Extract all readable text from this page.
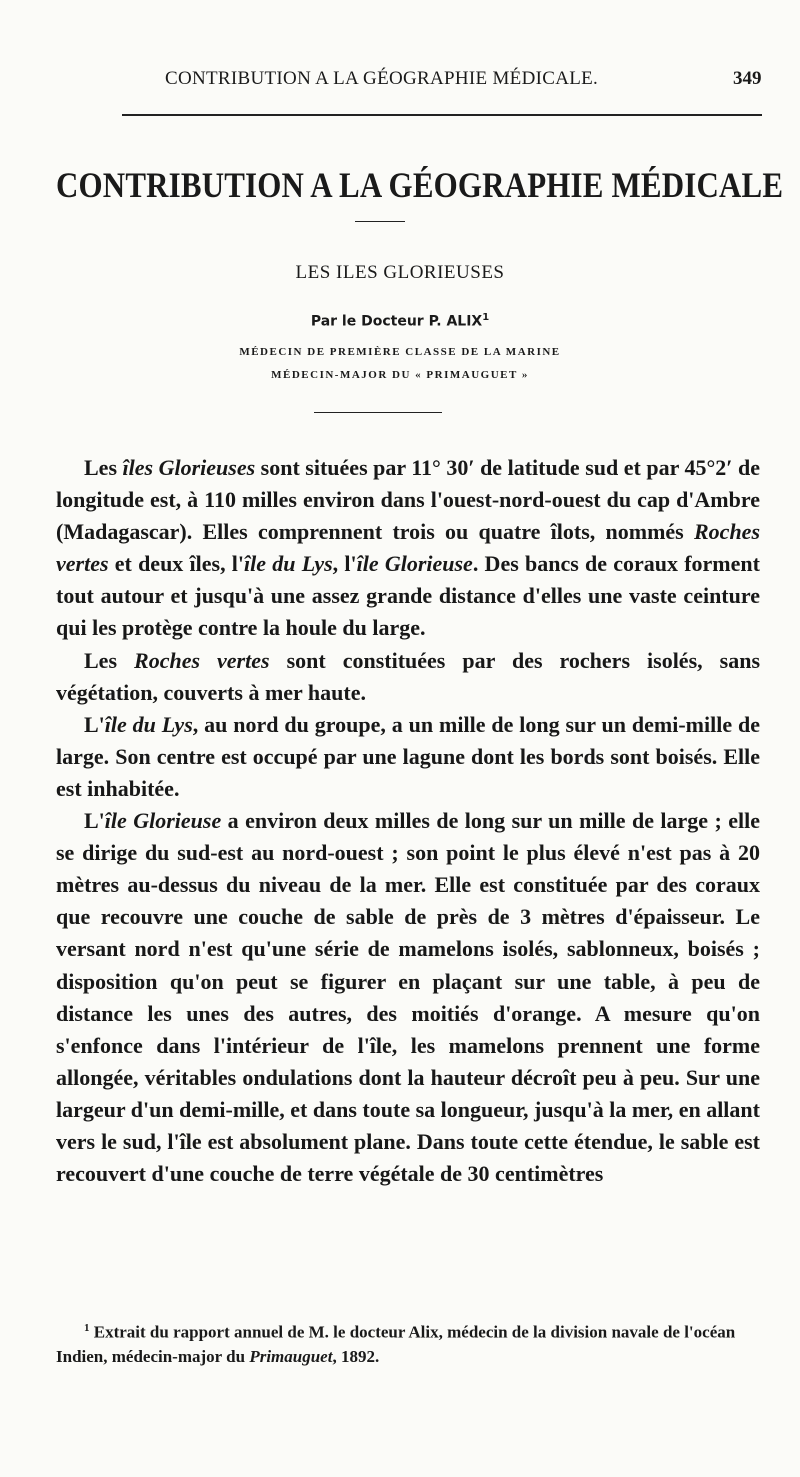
CONTRIBUTION A LA GÉOGRAPHIE MÉDICALE.	349
CONTRIBUTION A LA GÉOGRAPHIE MÉDICALE
LES ILES GLORIEUSES
Par le Docteur P. ALIX$^1$
MÉDECIN DE PREMIÈRE CLASSE DE LA MARINE
MÉDECIN-MAJOR DU « PRIMAUGUET »

Les îles Glorieuses sont situées par 11° 30′ de latitude sud et par 45°2′ de longitude est, à 110 milles environ dans l'ouest-nord-ouest du cap d'Ambre (Madagascar). Elles comprennent trois ou quatre îlots, nommés Roches vertes et deux îles, l'île du Lys, l'île Glorieuse. Des bancs de coraux forment tout autour et jusqu'à une assez grande distance d'elles une vaste ceinture qui les protège contre la houle du large.

Les Roches vertes sont constituées par des rochers isolés, sans végétation, couverts à mer haute.

L'île du Lys, au nord du groupe, a un mille de long sur un demi-mille de large. Son centre est occupé par une lagune dont les bords sont boisés. Elle est inhabitée.

L'île Glorieuse a environ deux milles de long sur un mille de large ; elle se dirige du sud-est au nord-ouest ; son point le plus élevé n'est pas à 20 mètres au-dessus du niveau de la mer. Elle est constituée par des coraux que recouvre une couche de sable de près de 3 mètres d'épaisseur. Le versant nord n'est qu'une série de mamelons isolés, sablonneux, boisés ; disposition qu'on peut se figurer en plaçant sur une table, à peu de distance les unes des autres, des moitiés d'orange. A mesure qu'on s'enfonce dans l'intérieur de l'île, les mamelons prennent une forme allongée, véritables ondulations dont la hauteur décroît peu à peu. Sur une largeur d'un demi-mille, et dans toute sa longueur, jusqu'à la mer, en allant vers le sud, l'île est absolument plane. Dans toute cette étendue, le sable est recouvert d'une couche de terre végétale de 30 centimètres

$^1$ Extrait du rapport annuel de M. le docteur Alix, médecin de la division navale de l'océan Indien, médecin-major du Primauguet, 1892.
